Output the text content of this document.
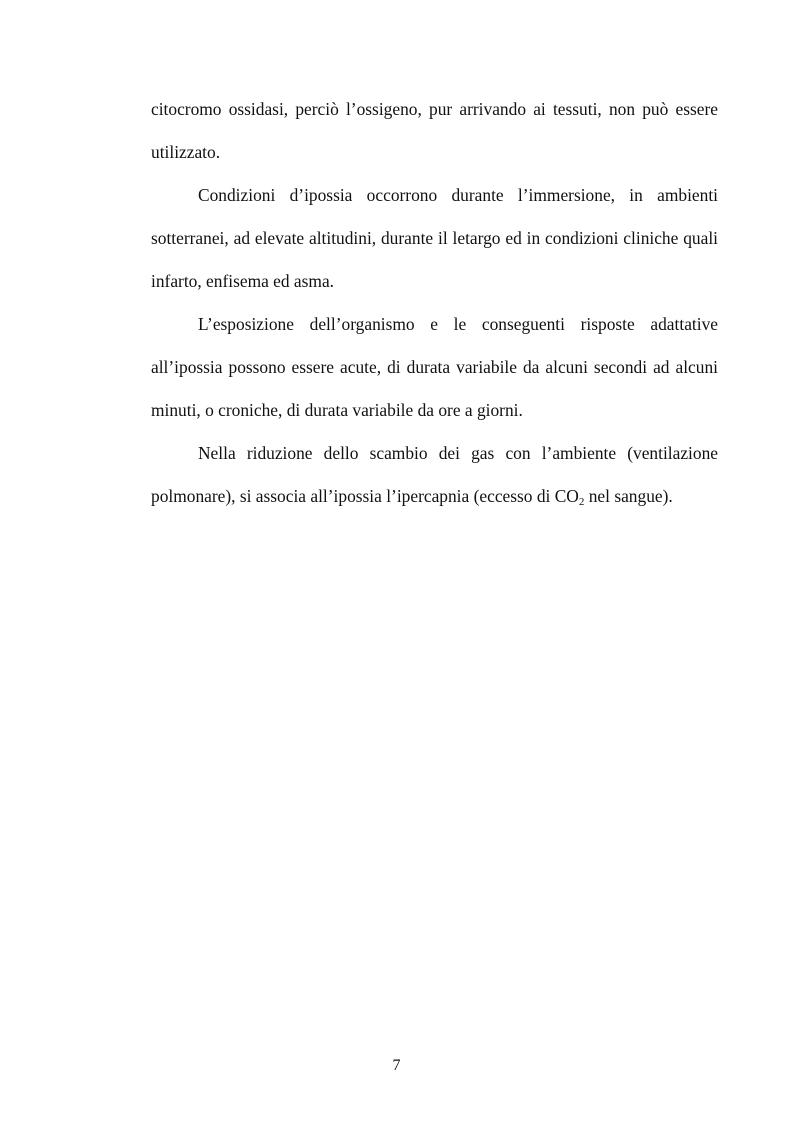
citocromo ossidasi, perciò l’ossigeno, pur arrivando ai tessuti, non può essere utilizzato.

Condizioni d’ipossia occorrono durante l’immersione, in ambienti sotterranei, ad elevate altitudini, durante il letargo ed in condizioni cliniche quali infarto, enfisema ed asma.

L’esposizione dell’organismo e le conseguenti risposte adattative all’ipossia possono essere acute, di durata variabile da alcuni secondi ad alcuni minuti, o croniche, di durata variabile da ore a giorni.

Nella riduzione dello scambio dei gas con l’ambiente (ventilazione polmonare), si associa all’ipossia l’ipercapnia (eccesso di $CO_2$ nel sangue).

7
